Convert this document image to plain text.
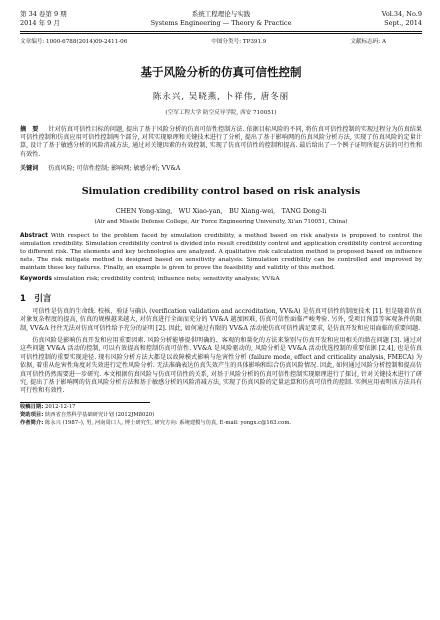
第 34 卷第 9 期
2014 年 9 月
系统工程理论与实践
Systems Engineering — Theory & Practice
Vol.34, No.9
Sept., 2014
文章编号: 1000-6788(2014)09-2411-06	中图分类号: TP391.9	文献标志码: A
基于风险分析的仿真可信性控制
陈永兴, 吴晓燕, 卜祥伟, 唐冬丽
(空军工程大学 防空反导学院, 西安 710051)
摘　要 　 针对仿真可信性目标的问题, 提出了基于风险分析的仿真可信性控制方法. 依据目标风险的不同, 将仿真可信性控制的实现过程分为仿真结果可信性控制和仿真应用可信性控制两个部分, 对其实现原理和关键技术进行了分析, 提出了基于影响网的仿真风险分析方法, 实现了仿真风险的定量计算, 设计了基于敏感分析的风险消减方法, 通过对关键因素的有效控制, 实现了仿真可信性的控制和提高. 最后给出了一个例子证明所提方法的可行性和有效性.
关键词 　 仿真风险; 可信性控制; 影响网; 敏感分析; VV&A
Simulation credibility control based on risk analysis
CHEN Yong-xing,　WU Xiao-yan,　BU Xiang-wei,　TANG Dong-li
(Air and Missile Defense College, Air Force Engineering University, Xi'an 710051, China)
Abstract With respect to the problem faced by simulation credibility, a method based on risk analysis is proposed to control the simulation credibility. Simulation credibility control is divided into result credibility control and application credibility control according to different risk. The elements and key technologies are analyzed. A qualitative risk calculation method is proposed based on influence nets. The risk mitigate method is designed based on sensitivity analysis. Simulation credibility can be controlled and improved by maintain these key failures. Finally, an example is given to prove the feasibility and validity of this method.
Keywords simulation risk; credibility control; influence nets; sensitivity analysis; VV&A
1　引言
可信性是仿真的生命线. 校核、验证与确认 (verification validation and accreditation, VV&A) 是仿真可信性的制度技术 [1]. 但是随着仿真对象复杂程度的提高, 仿真的规模越来越大, 对仿真进行全面而充分的 VV&A 越加困难, 仿真可信性面临严峻考验. 另外, 受项目预算等客观条件的限制, VV&A 往往无法对仿真可信性给予充分的证明 [2]. 因此, 如何通过有限的 VV&A 活动使仿真可信性满足要求, 是仿真开发和应用面临的重要问题.
仿真风险是影响仿真开发和应用重要因素. 风险分析能够提供明确的、客观的和量化的方法来鉴别与仿真开发和应用相关的潜在问题 [3]. 通过对这些问题 VV&A 活动的控制, 可以有效提高和控制仿真可信性. VV&A 是风险驱动的, 风险分析是 VV&A 活动优选控制的重要依据 [2,4], 也是仿真可信性控制的重要实现途径. 现有风险分析方法大都是以故障模式影响与危害性分析 (failure mode, effect and criticality analysis, FMECA) 为依据, 着重从危害性角度对失效进行定性风险分析. 无法准确表达仿真失效产生的具体影响和综合仿真风险情况. 因此, 如何通过风险分析控制和提高仿真可信性仍然需要进一步研究. 本文根据仿真风险与仿真可信性的关系, 对基于风险分析的仿真可信性控制实现原理进行了探讨, 针对关键技术进行了研究, 提出了基于影响网的仿真风险分析方法和基于敏感分析的风险消减方法, 实现了仿真风险的定量运算和仿真可信性的控制. 实例应用表明该方法具有可行性和有效性.
收稿日期: 2012-12-17
资助项目: 陕西省自然科学基础研究计划 (2012JM8020)
作者简介: 陈永兴 (1987–), 男, 河南周口人, 博士研究生, 研究方向: 系统建模与仿真, E-mail: yongx.c@163.com.
